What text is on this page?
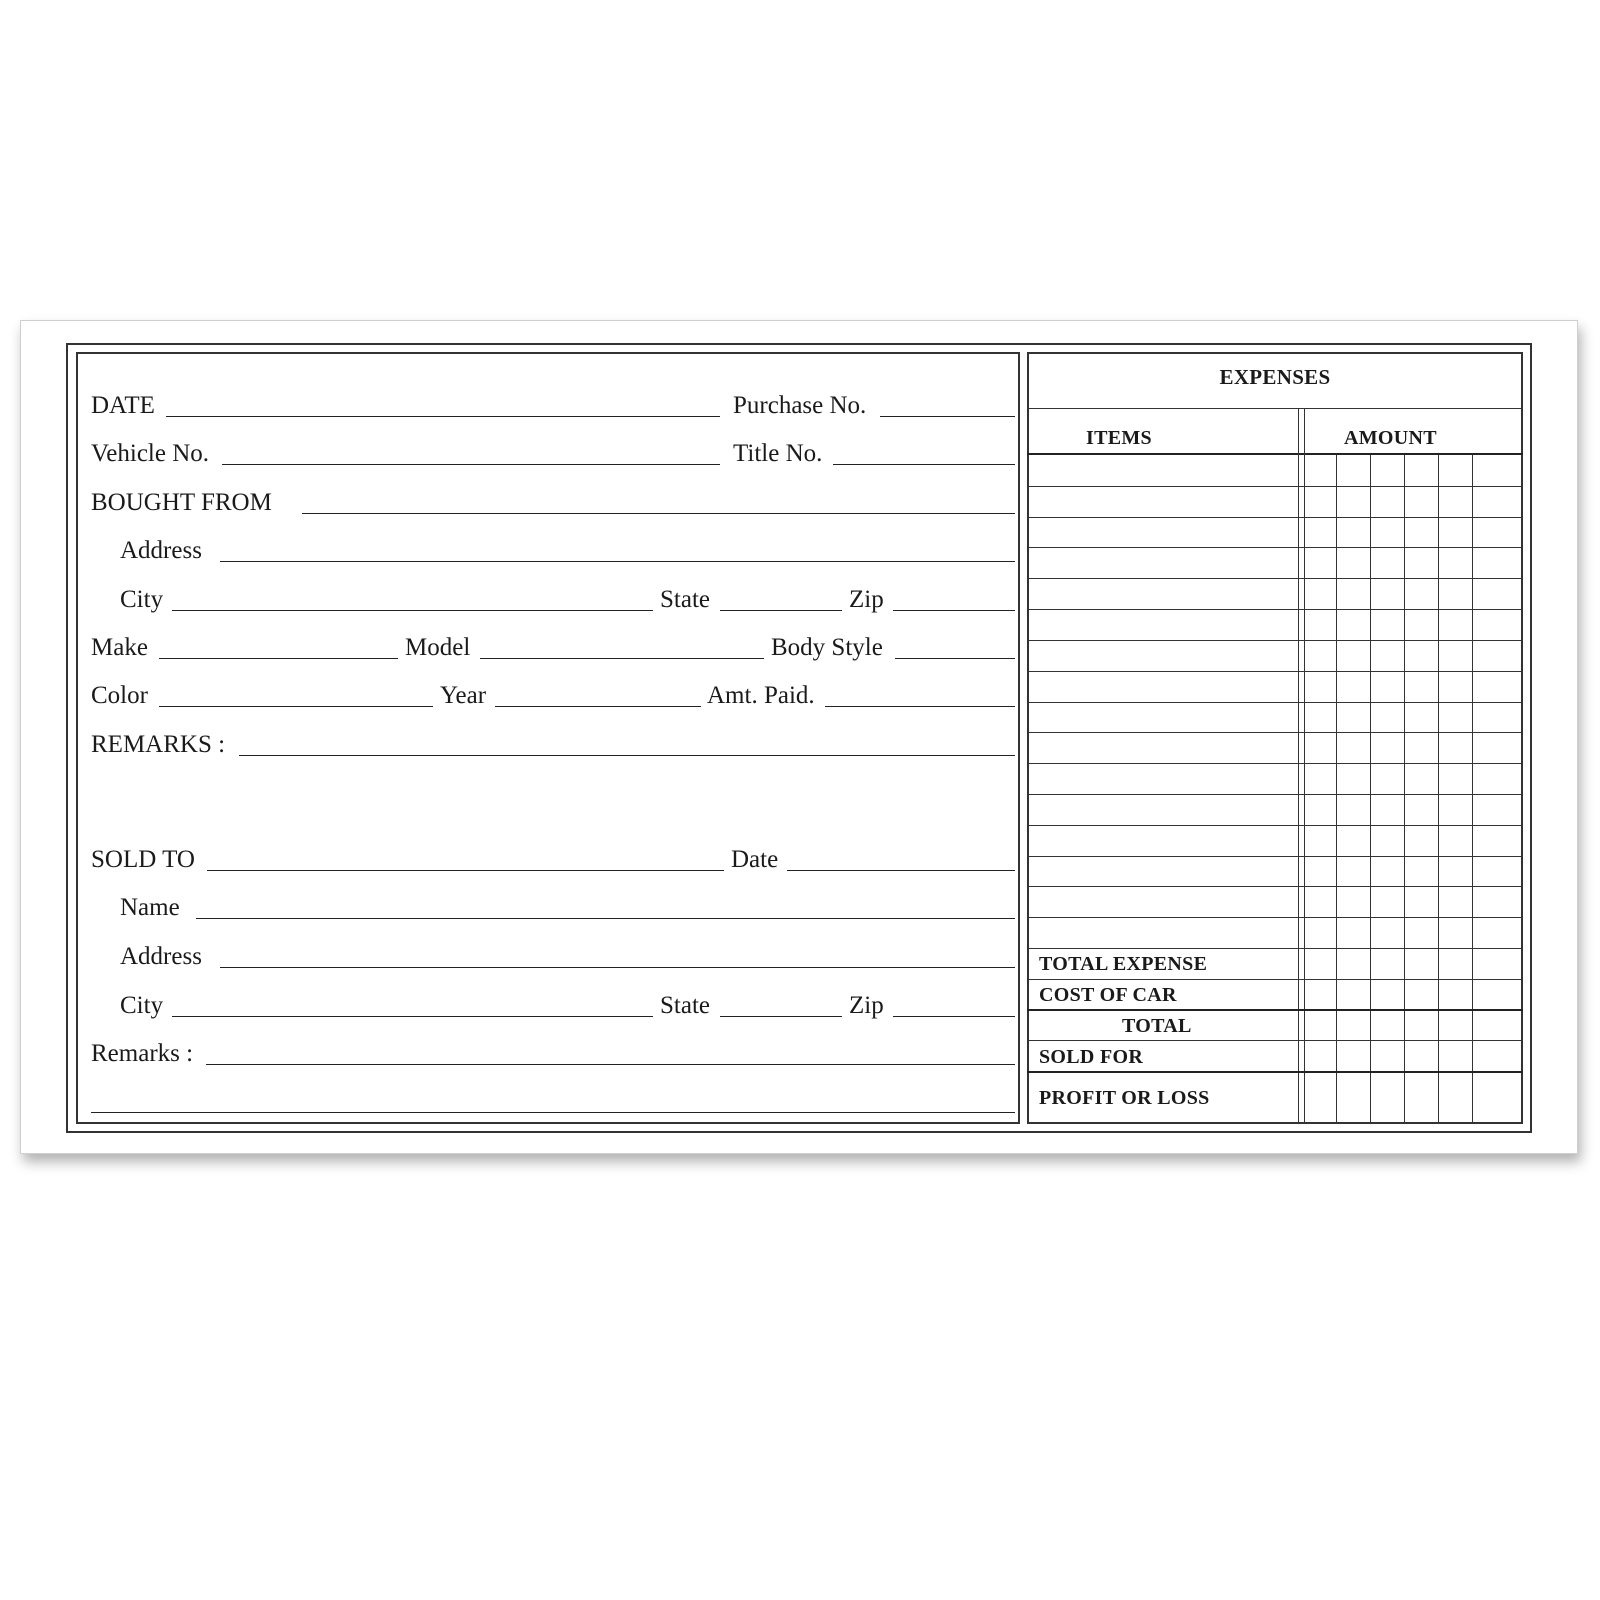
DATE	Purchase No.
Vehicle No.	Title No.
BOUGHT FROM
Address
City	State	Zip
Make	Model	Body Style
Color	Year	Amt. Paid.
REMARKS :
SOLD TO	Date
Name
Address
City	State	Zip
Remarks :
EXPENSES
ITEMS	AMOUNT
TOTAL EXPENSE
COST OF CAR
TOTAL
SOLD FOR
PROFIT OR LOSS
